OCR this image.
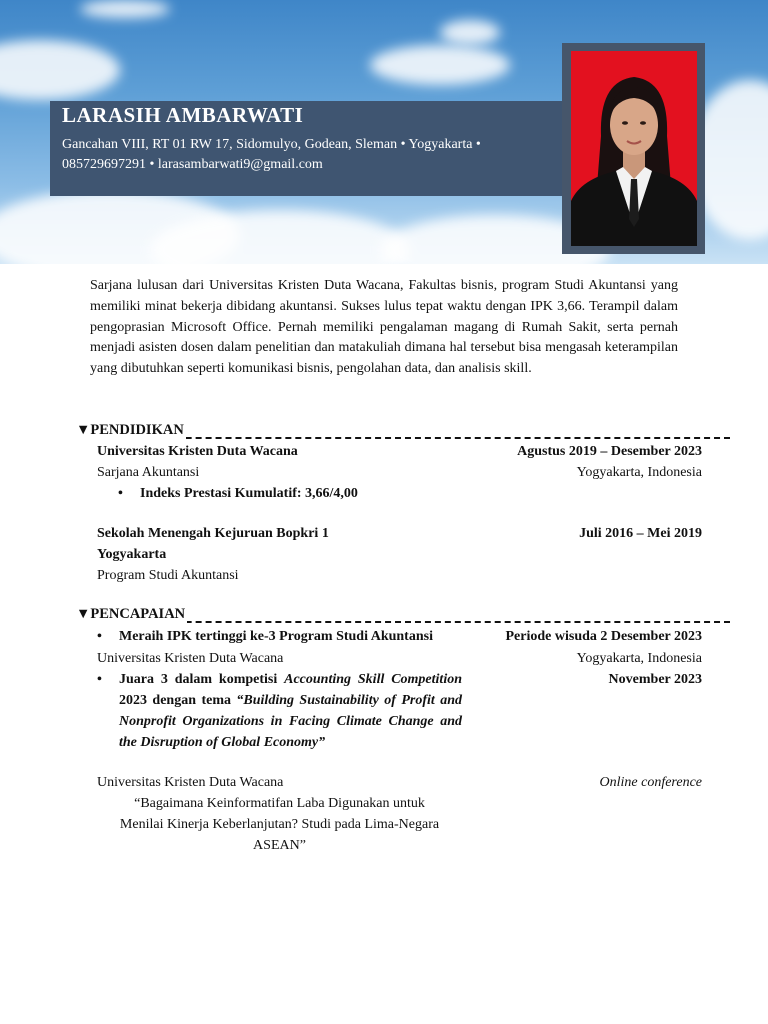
LARASIH AMBARWATI
Gancahan VIII, RT 01 RW 17, Sidomulyo, Godean, Sleman • Yogyakarta • 085729697291 • larasambarwati9@gmail.com
Sarjana lulusan dari Universitas Kristen Duta Wacana, Fakultas bisnis, program Studi Akuntansi yang memiliki minat bekerja dibidang akuntansi. Sukses lulus tepat waktu dengan IPK 3,66. Terampil dalam pengoprasian Microsoft Office. Pernah memiliki pengalaman magang di Rumah Sakit, serta pernah menjadi asisten dosen dalam penelitian dan matakuliah dimana hal tersebut bisa mengasah keterampilan yang dibutuhkan seperti komunikasi bisnis, pengolahan data, dan analisis skill.
▼PENDIDIKAN
Universitas Kristen Duta Wacana	Agustus 2019 – Desember 2023
Sarjana Akuntansi	Yogyakarta, Indonesia
•	Indeks Prestasi Kumulatif: 3,66/4,00
Sekolah Menengah Kejuruan Bopkri 1	Juli 2016 – Mei 2019
Yogyakarta
Program Studi Akuntansi
▼PENCAPAIAN
•	Meraih IPK tertinggi ke-3 Program Studi Akuntansi	Periode wisuda 2 Desember 2023
Universitas Kristen Duta Wacana	Yogyakarta, Indonesia
•	Juara 3 dalam kompetisi Accounting Skill Competition 2023 dengan tema “Building Sustainability of Profit and Nonprofit Organizations in Facing Climate Change and the Disruption of Global Economy”
November 2023
Universitas Kristen Duta Wacana	Online conference
“Bagaimana Keinformatifan Laba Digunakan untuk
Menilai Kinerja Keberlanjutan? Studi pada Lima-Negara
ASEAN”
